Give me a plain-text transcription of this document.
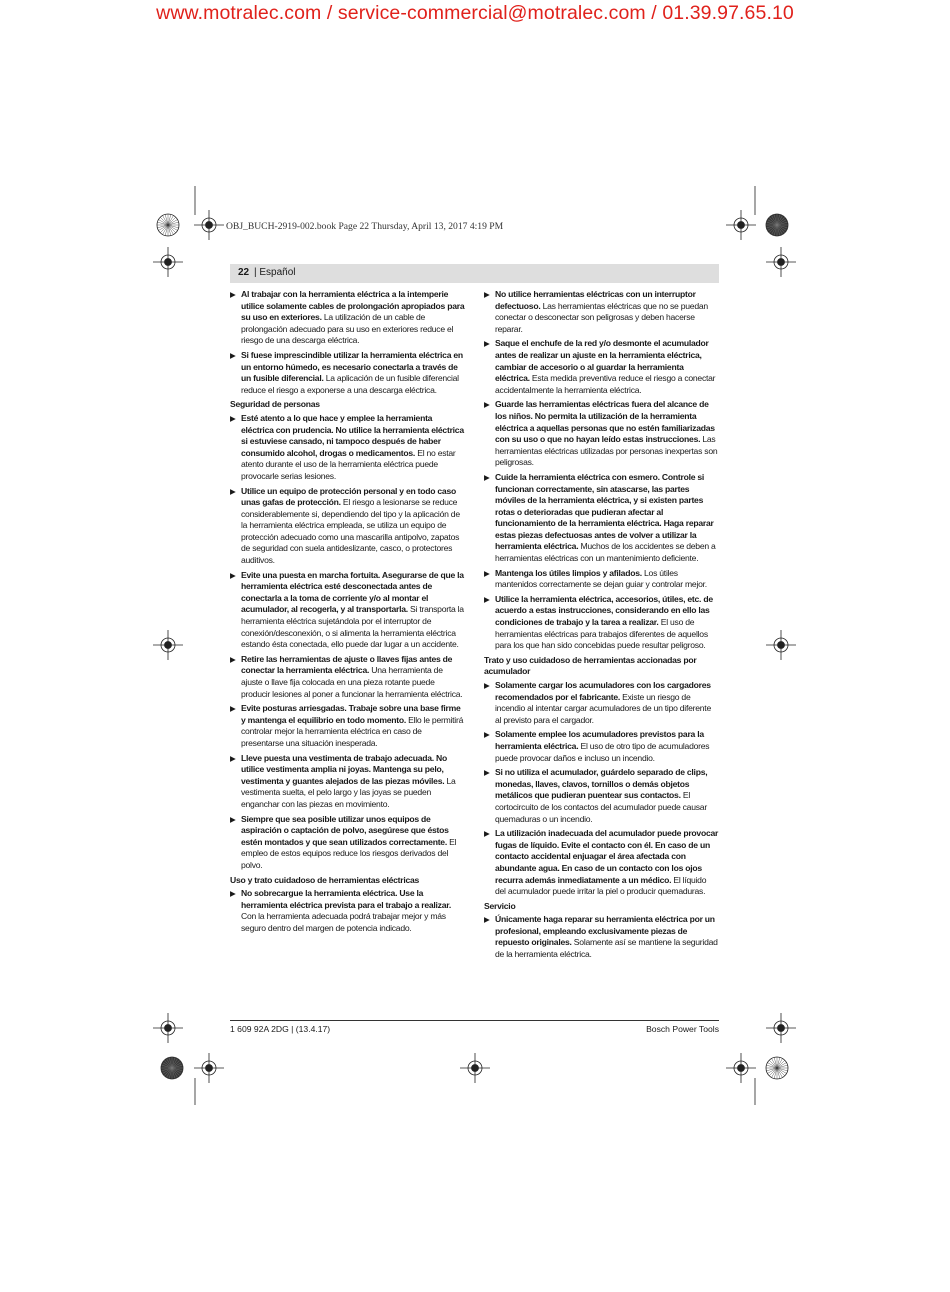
www.motralec.com / service-commercial@motralec.com / 01.39.97.65.10
OBJ_BUCH-2919-002.book Page 22 Thursday, April 13, 2017 4:19 PM
22 | Español
▶ Al trabajar con la herramienta eléctrica a la intemperie utilice solamente cables de prolongación apropiados para su uso en exteriores. La utilización de un cable de prolongación adecuado para su uso en exteriores reduce el riesgo de una descarga eléctrica.
▶ Si fuese imprescindible utilizar la herramienta eléctrica en un entorno húmedo, es necesario conectarla a través de un fusible diferencial. La aplicación de un fusible diferencial reduce el riesgo a exponerse a una descarga eléctrica.
Seguridad de personas
▶ Esté atento a lo que hace y emplee la herramienta eléctrica con prudencia. No utilice la herramienta eléctrica si estuviese cansado, ni tampoco después de haber consumido alcohol, drogas o medicamentos. El no estar atento durante el uso de la herramienta eléctrica puede provocarle serias lesiones.
▶ Utilice un equipo de protección personal y en todo caso unas gafas de protección. El riesgo a lesionarse se reduce considerablemente si, dependiendo del tipo y la aplicación de la herramienta eléctrica empleada, se utiliza un equipo de protección adecuado como una mascarilla antipolvo, zapatos de seguridad con suela antideslizante, casco, o protectores auditivos.
▶ Evite una puesta en marcha fortuita. Asegurarse de que la herramienta eléctrica esté desconectada antes de conectarla a la toma de corriente y/o al montar el acumulador, al recogerla, y al transportarla. Si transporta la herramienta eléctrica sujetándola por el interruptor de conexión/desconexión, o si alimenta la herramienta eléctrica estando ésta conectada, ello puede dar lugar a un accidente.
▶ Retire las herramientas de ajuste o llaves fijas antes de conectar la herramienta eléctrica. Una herramienta de ajuste o llave fija colocada en una pieza rotante puede producir lesiones al poner a funcionar la herramienta eléctrica.
▶ Evite posturas arriesgadas. Trabaje sobre una base firme y mantenga el equilibrio en todo momento. Ello le permitirá controlar mejor la herramienta eléctrica en caso de presentarse una situación inesperada.
▶ Lleve puesta una vestimenta de trabajo adecuada. No utilice vestimenta amplia ni joyas. Mantenga su pelo, vestimenta y guantes alejados de las piezas móviles. La vestimenta suelta, el pelo largo y las joyas se pueden enganchar con las piezas en movimiento.
▶ Siempre que sea posible utilizar unos equipos de aspiración o captación de polvo, asegúrese que éstos estén montados y que sean utilizados correctamente. El empleo de estos equipos reduce los riesgos derivados del polvo.
Uso y trato cuidadoso de herramientas eléctricas
▶ No sobrecargue la herramienta eléctrica. Use la herramienta eléctrica prevista para el trabajo a realizar. Con la herramienta adecuada podrá trabajar mejor y más seguro dentro del margen de potencia indicado.
▶ No utilice herramientas eléctricas con un interruptor defectuoso. Las herramientas eléctricas que no se puedan conectar o desconectar son peligrosas y deben hacerse reparar.
▶ Saque el enchufe de la red y/o desmonte el acumulador antes de realizar un ajuste en la herramienta eléctrica, cambiar de accesorio o al guardar la herramienta eléctrica. Esta medida preventiva reduce el riesgo a conectar accidentalmente la herramienta eléctrica.
▶ Guarde las herramientas eléctricas fuera del alcance de los niños. No permita la utilización de la herramienta eléctrica a aquellas personas que no estén familiarizadas con su uso o que no hayan leído estas instrucciones. Las herramientas eléctricas utilizadas por personas inexpertas son peligrosas.
▶ Cuide la herramienta eléctrica con esmero. Controle si funcionan correctamente, sin atascarse, las partes móviles de la herramienta eléctrica, y si existen partes rotas o deterioradas que pudieran afectar al funcionamiento de la herramienta eléctrica. Haga reparar estas piezas defectuosas antes de volver a utilizar la herramienta eléctrica. Muchos de los accidentes se deben a herramientas eléctricas con un mantenimiento deficiente.
▶ Mantenga los útiles limpios y afilados. Los útiles mantenidos correctamente se dejan guiar y controlar mejor.
▶ Utilice la herramienta eléctrica, accesorios, útiles, etc. de acuerdo a estas instrucciones, considerando en ello las condiciones de trabajo y la tarea a realizar. El uso de herramientas eléctricas para trabajos diferentes de aquellos para los que han sido concebidas puede resultar peligroso.
Trato y uso cuidadoso de herramientas accionadas por acumulador
▶ Solamente cargar los acumuladores con los cargadores recomendados por el fabricante. Existe un riesgo de incendio al intentar cargar acumuladores de un tipo diferente al previsto para el cargador.
▶ Solamente emplee los acumuladores previstos para la herramienta eléctrica. El uso de otro tipo de acumuladores puede provocar daños e incluso un incendio.
▶ Si no utiliza el acumulador, guárdelo separado de clips, monedas, llaves, clavos, tornillos o demás objetos metálicos que pudieran puentear sus contactos. El cortocircuito de los contactos del acumulador puede causar quemaduras o un incendio.
▶ La utilización inadecuada del acumulador puede provocar fugas de líquido. Evite el contacto con él. En caso de un contacto accidental enjuagar el área afectada con abundante agua. En caso de un contacto con los ojos recurra además inmediatamente a un médico. El líquido del acumulador puede irritar la piel o producir quemaduras.
Servicio
▶ Únicamente haga reparar su herramienta eléctrica por un profesional, empleando exclusivamente piezas de repuesto originales. Solamente así se mantiene la seguridad de la herramienta eléctrica.
1 609 92A 2DG | (13.4.17)	Bosch Power Tools
